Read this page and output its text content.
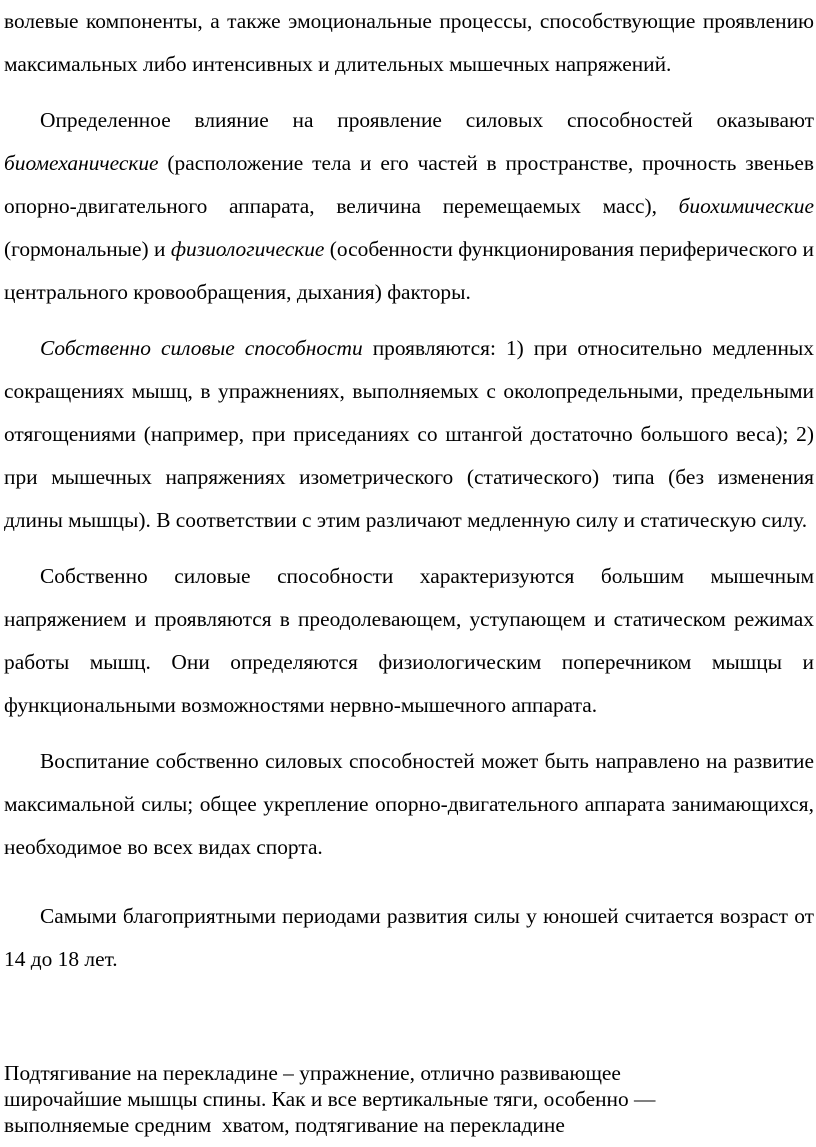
волевые компоненты, а также эмоциональные процессы, способствующие проявлению максимальных либо интенсивных и длительных мышечных напряжений.

Определенное влияние на проявление силовых способностей оказывают биомеханические (расположение тела и его частей в пространстве, прочность звеньев опорно-двигательного аппарата, величина перемещаемых масс), биохимические (гормональные) и физиологические (особенности функционирования периферического и центрального кровообращения, дыхания) факторы.

Собственно силовые способности проявляются: 1) при относительно медленных сокращениях мышц, в упражнениях, выполняемых с околопредельными, предельными отягощениями (например, при приседаниях со штангой достаточно большого веса); 2) при мышечных напряжениях изометрического (статического) типа (без изменения длины мышцы). В соответствии с этим различают медленную силу и статическую силу.

Собственно силовые способности характеризуются большим мышечным напряжением и проявляются в преодолевающем, уступающем и статическом режимах работы мышц. Они определяются физиологическим поперечником мышцы и функциональными возможностями нервно-мышечного аппарата.

Воспитание собственно силовых способностей может быть направлено на развитие максимальной силы; общее укрепление опорно-двигательного аппарата занимающихся, необходимое во всех видах спорта.

Самыми благоприятными периодами развития силы у юношей считается возраст от 14 до 18 лет.

Подтягивание на перекладине – упражнение, отлично развивающее

широчайшие мышцы спины. Как и все вертикальные тяги, особенно —

выполняемые средним  хватом, подтягивание на перекладине
